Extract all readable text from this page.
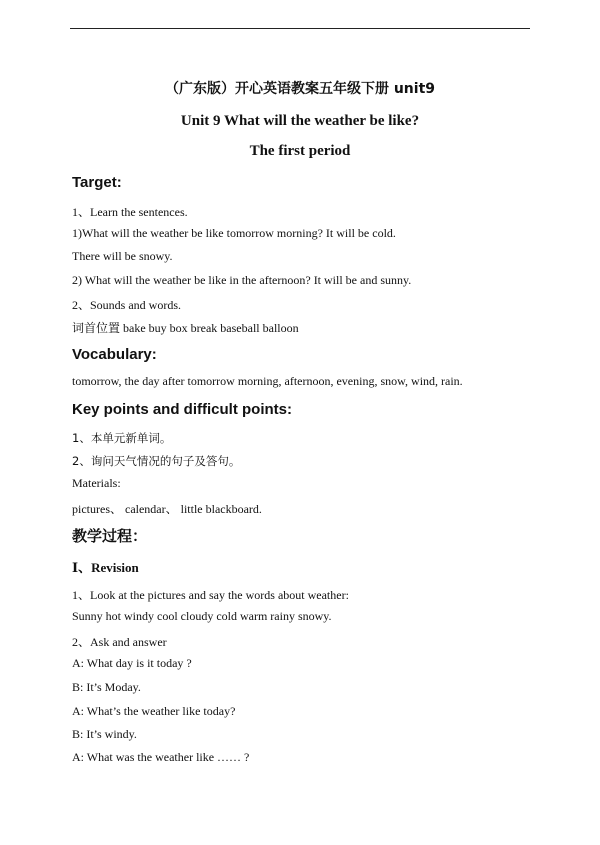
（广东版）开心英语教案五年级下册 unit9
Unit 9 What will the weather be like?
The first period
Target:
1、Learn the sentences.
1)What will the weather be like tomorrow morning? It will be cold.
There will be snowy.
2) What will the weather be like in the afternoon? It will be and sunny.
2、Sounds and words.
词首位置 bake buy box break baseball balloon
Vocabulary:
tomorrow, the day after tomorrow morning, afternoon, evening, snow, wind, rain.
Key points and difficult points:
1、本单元新单词。
2、询问天气情况的句子及答句。
Materials:
pictures、 calendar、 little blackboard.
教学过程：
Ⅰ、Revision
1、Look at the pictures and say the words about weather:
Sunny hot windy cool cloudy cold warm rainy snowy.
2、Ask and answer
A: What day is it today ?
B: It’s Moday.
A: What’s the weather like today?
B: It’s windy.
A: What was the weather like …… ?
